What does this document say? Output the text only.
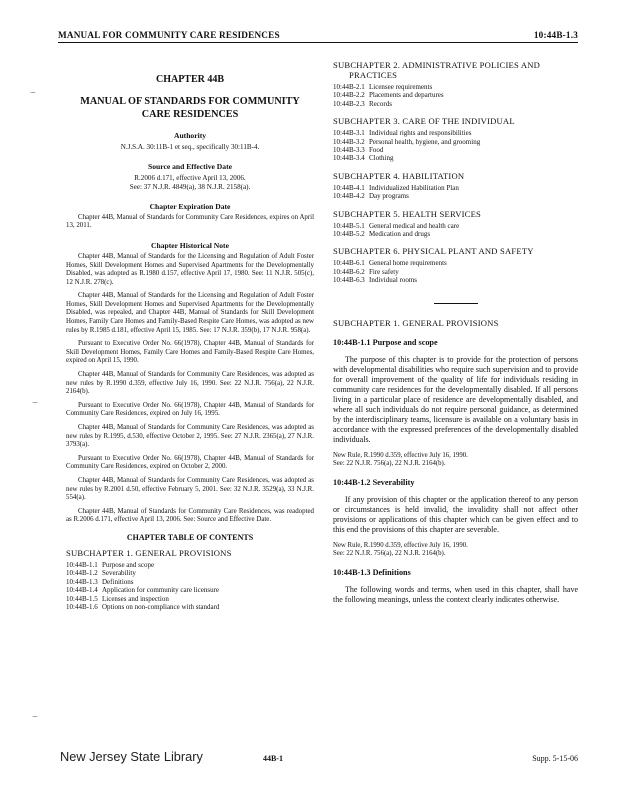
MANUAL FOR COMMUNITY CARE RESIDENCES	10:44B-1.3
⌣
⌣
⌣
CHAPTER 44B
MANUAL OF STANDARDS FOR COMMUNITY CARE RESIDENCES
Authority
N.J.S.A. 30:11B-1 et seq., specifically 30:11B-4.
Source and Effective Date
R.2006 d.171, effective April 13, 2006.
See: 37 N.J.R. 4849(a), 38 N.J.R. 2158(a).
Chapter Expiration Date
Chapter 44B, Manual of Standards for Community Care Residences, expires on April 13, 2011.
Chapter Historical Note
Chapter 44B, Manual of Standards for the Licensing and Regulation of Adult Foster Homes, Skill Development Homes and Supervised Apartments for the Developmentally Disabled, was adopted as R.1980 d.157, effective April 17, 1980. See: 11 N.J.R. 505(c), 12 N.J.R. 278(c).
Chapter 44B, Manual of Standards for the Licensing and Regulation of Adult Foster Homes, Skill Development Homes and Supervised Apartments for the Developmentally Disabled, was repealed, and Chapter 44B, Manual of Standards for Skill Development Homes, Family Care Homes and Family-Based Respite Care Homes, was adopted as new rules by R.1985 d.181, effective April 15, 1985. See: 17 N.J.R. 359(b), 17 N.J.R. 958(a).
Pursuant to Executive Order No. 66(1978), Chapter 44B, Manual of Standards for Skill Development Homes, Family Care Homes and Family-Based Respite Care Homes, expired on April 15, 1990.
Chapter 44B, Manual of Standards for Community Care Residences, was adopted as new rules by R.1990 d.359, effective July 16, 1990. See: 22 N.J.R. 756(a), 22 N.J.R. 2164(b).
Pursuant to Executive Order No. 66(1978), Chapter 44B, Manual of Standards for Community Care Residences, expired on July 16, 1995.
Chapter 44B, Manual of Standards for Community Care Residences, was adopted as new rules by R.1995, d.530, effective October 2, 1995. See: 27 N.J.R. 2365(a), 27 N.J.R. 3793(a).
Pursuant to Executive Order No. 66(1978), Chapter 44B, Manual of Standards for Community Care Residences, expired on October 2, 2000.
Chapter 44B, Manual of Standards for Community Care Residences, was adopted as new rules by R.2001 d.50, effective February 5, 2001. See: 32 N.J.R. 3529(a), 33 N.J.R. 554(a).
Chapter 44B, Manual of Standards for Community Care Residences, was readopted as R.2006 d.171, effective April 13, 2006. See: Source and Effective Date.
CHAPTER TABLE OF CONTENTS
SUBCHAPTER 1. GENERAL PROVISIONS
10:44B-1.1 Purpose and scope
10:44B-1.2 Severability
10:44B-1.3 Definitions
10:44B-1.4 Application for community care licensure
10:44B-1.5 Licenses and inspection
10:44B-1.6 Options on non-compliance with standard
SUBCHAPTER 2. ADMINISTRATIVE POLICIES AND
PRACTICES
10:44B-2.1 Licensee requirements
10:44B-2.2 Placements and departures
10:44B-2.3 Records
SUBCHAPTER 3. CARE OF THE INDIVIDUAL
10:44B-3.1 Individual rights and responsibilities
10:44B-3.2 Personal health, hygiene, and grooming
10:44B-3.3 Food
10:44B-3.4 Clothing
SUBCHAPTER 4. HABILITATION
10:44B-4.1 Individualized Habilitation Plan
10:44B-4.2 Day programs
SUBCHAPTER 5. HEALTH SERVICES
10:44B-5.1 General medical and health care
10:44B-5.2 Medication and drugs
SUBCHAPTER 6. PHYSICAL PLANT AND SAFETY
10:44B-6.1 General home requirements
10:44B-6.2 Fire safety
10:44B-6.3 Individual rooms
SUBCHAPTER 1. GENERAL PROVISIONS
10:44B-1.1 Purpose and scope
The purpose of this chapter is to provide for the protection of persons with developmental disabilities who require such supervision and to provide for overall improvement of the quality of life for individuals residing in community care residences for the developmentally disabled. If all persons living in a particular place of residence are developmentally disabled, and where all such individuals do not require personal guidance, as determined by the interdisciplinary teams, licensure is available on a voluntary basis in accordance with the expressed preferences of the developmentally disabled individuals.
New Rule, R.1990 d.359, effective July 16, 1990.
See: 22 N.J.R. 756(a), 22 N.J.R. 2164(b).
10:44B-1.2 Severability
If any provision of this chapter or the application thereof to any person or circumstances is held invalid, the invalidity shall not affect other provisions or applications of this chapter which can be given effect and to this end the provisions of this chapter are severable.
New Rule, R.1990 d.359, effective July 16, 1990.
See: 22 N.J.R. 756(a), 22 N.J.R. 2164(b).
10:44B-1.3 Definitions
The following words and terms, when used in this chapter, shall have the following meanings, unless the context clearly indicates otherwise.
New Jersey State Library	44B-1	Supp. 5-15-06
